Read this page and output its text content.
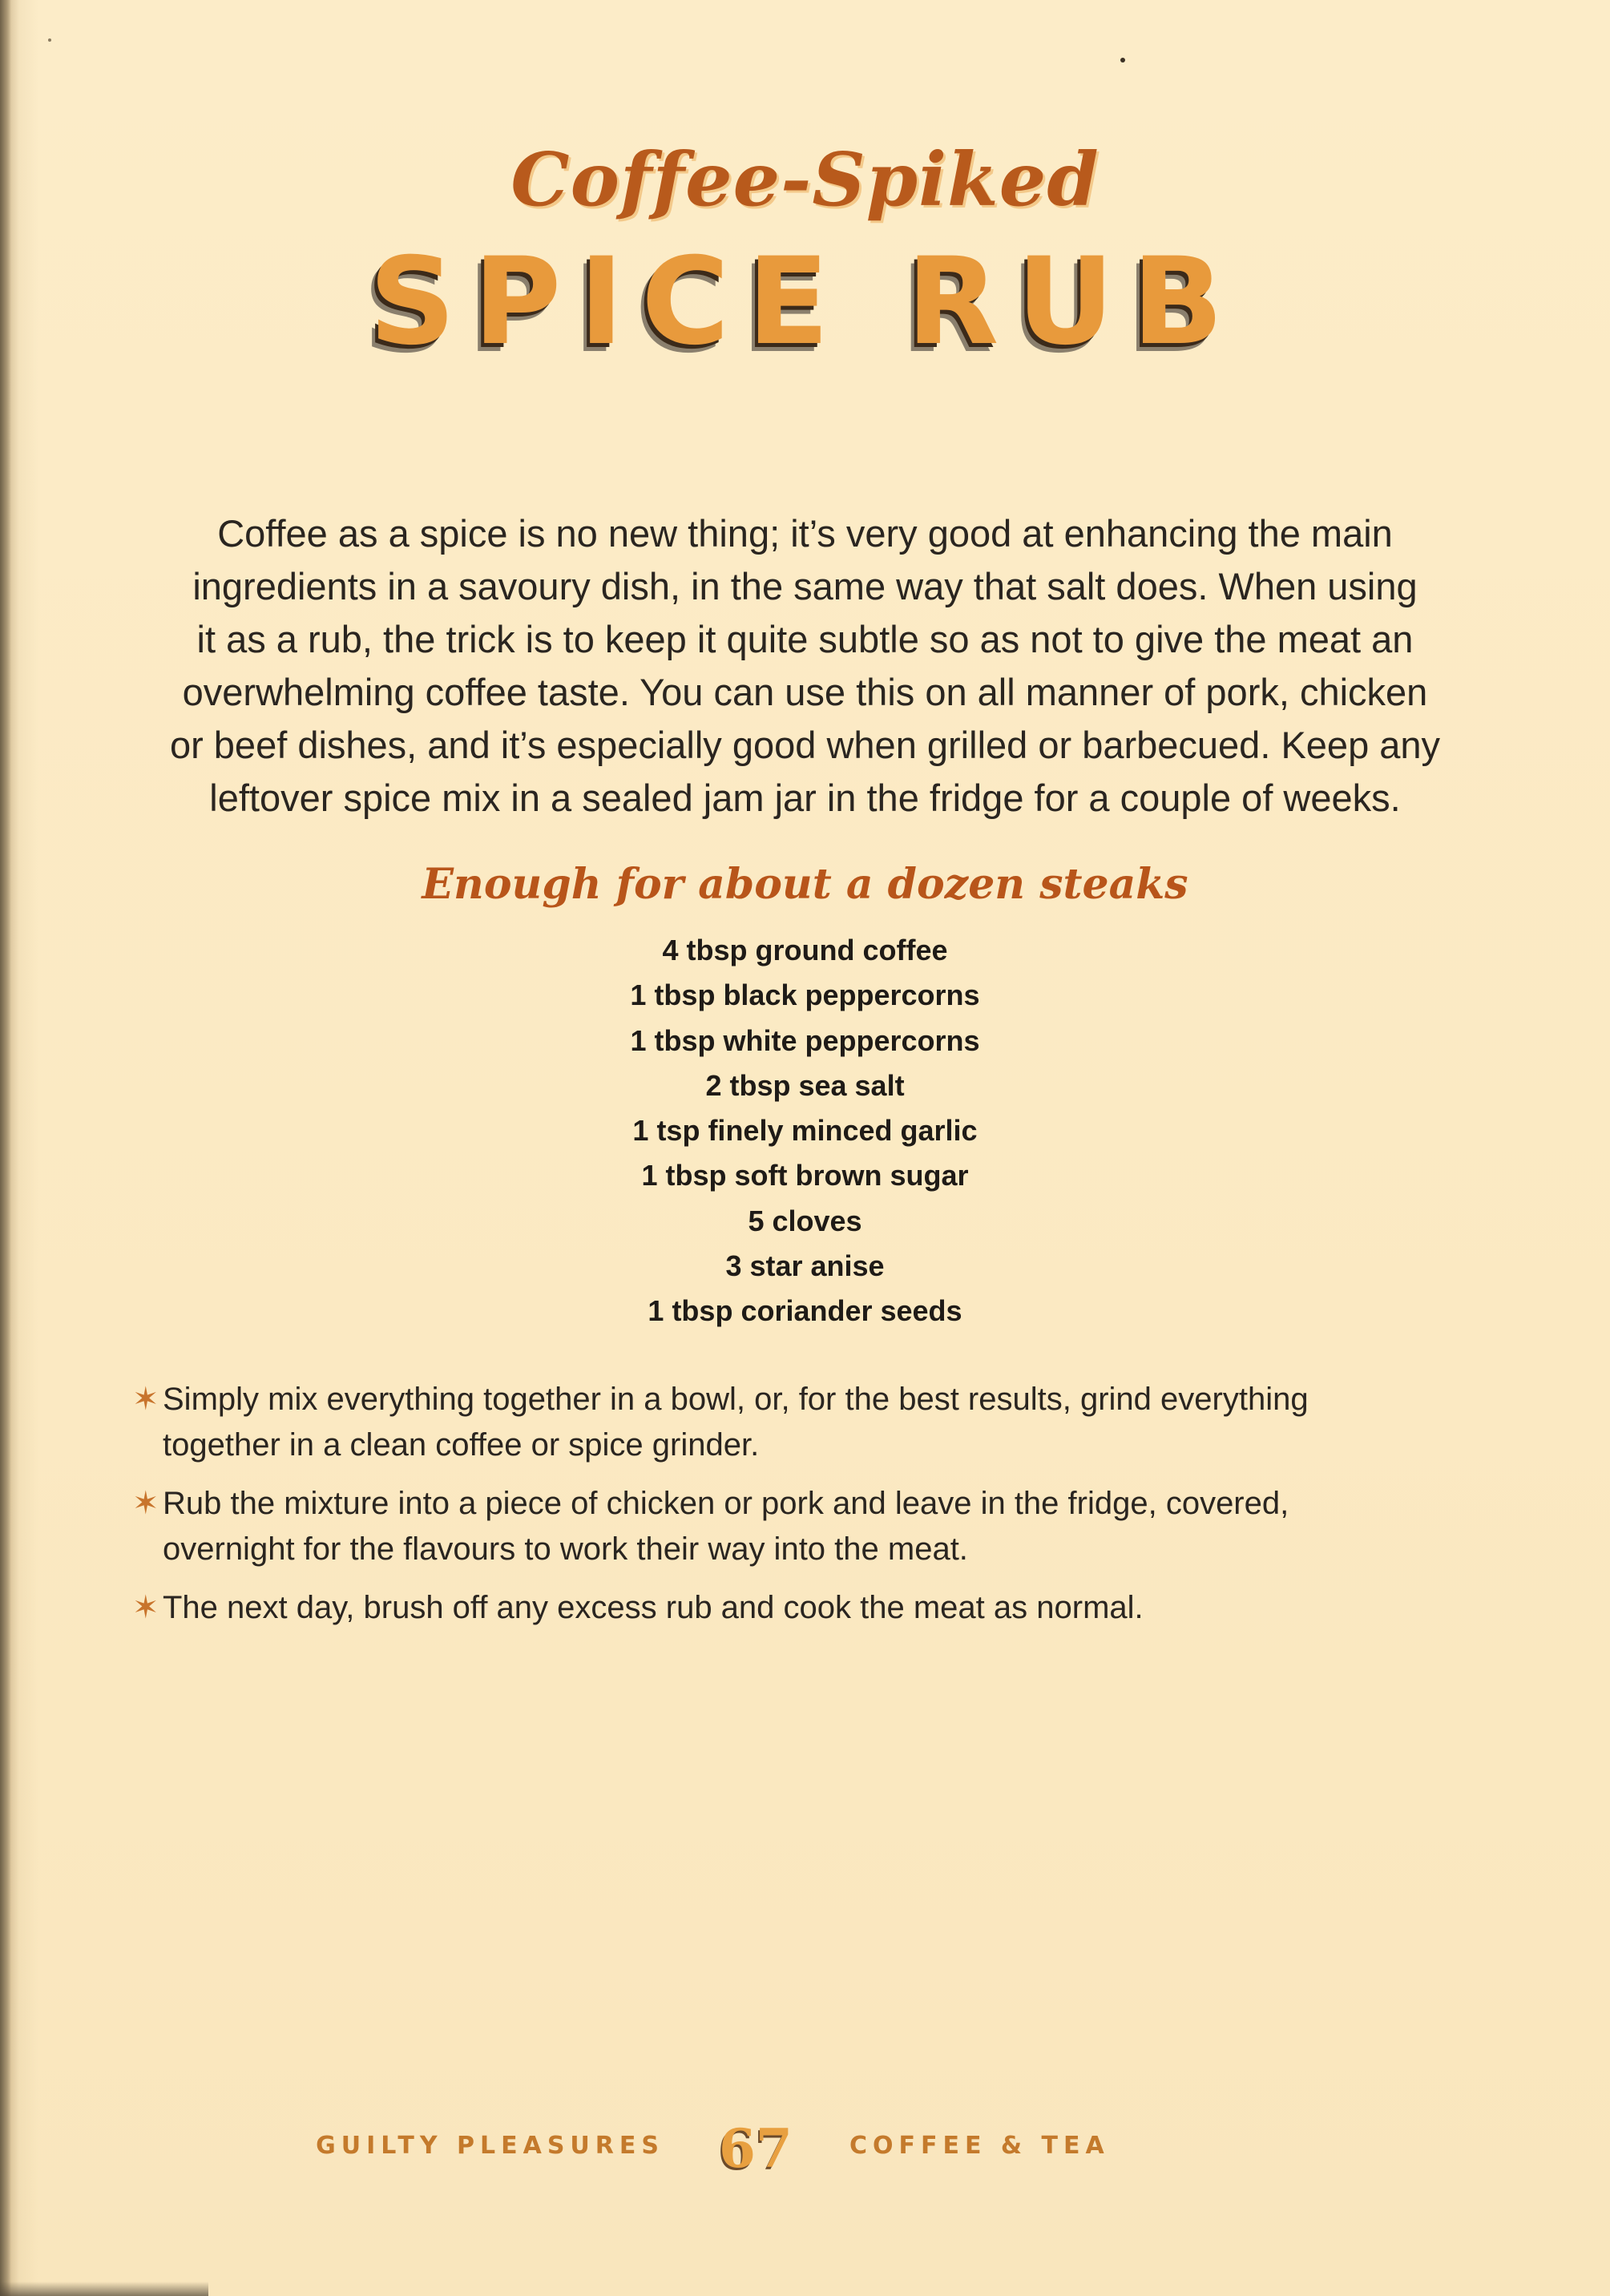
Coffee-Spiked
SPICE RUB
Coffee as a spice is no new thing; it’s very good at enhancing the main
ingredients in a savoury dish, in the same way that salt does. When using
it as a rub, the trick is to keep it quite subtle so as not to give the meat an
overwhelming coffee taste. You can use this on all manner of pork, chicken
or beef dishes, and it’s especially good when grilled or barbecued. Keep any
leftover spice mix in a sealed jam jar in the fridge for a couple of weeks.
Enough for about a dozen steaks
4 tbsp ground coffee
1 tbsp black peppercorns
1 tbsp white peppercorns
2 tbsp sea salt
1 tsp finely minced garlic
1 tbsp soft brown sugar
5 cloves
3 star anise
1 tbsp coriander seeds
✶ Simply mix everything together in a bowl, or, for the best results, grind everything
together in a clean coffee or spice grinder.
✶ Rub the mixture into a piece of chicken or pork and leave in the fridge, covered,
overnight for the flavours to work their way into the meat.
✶ The next day, brush off any excess rub and cook the meat as normal.
GUILTY PLEASURES 67 COFFEE & TEA
